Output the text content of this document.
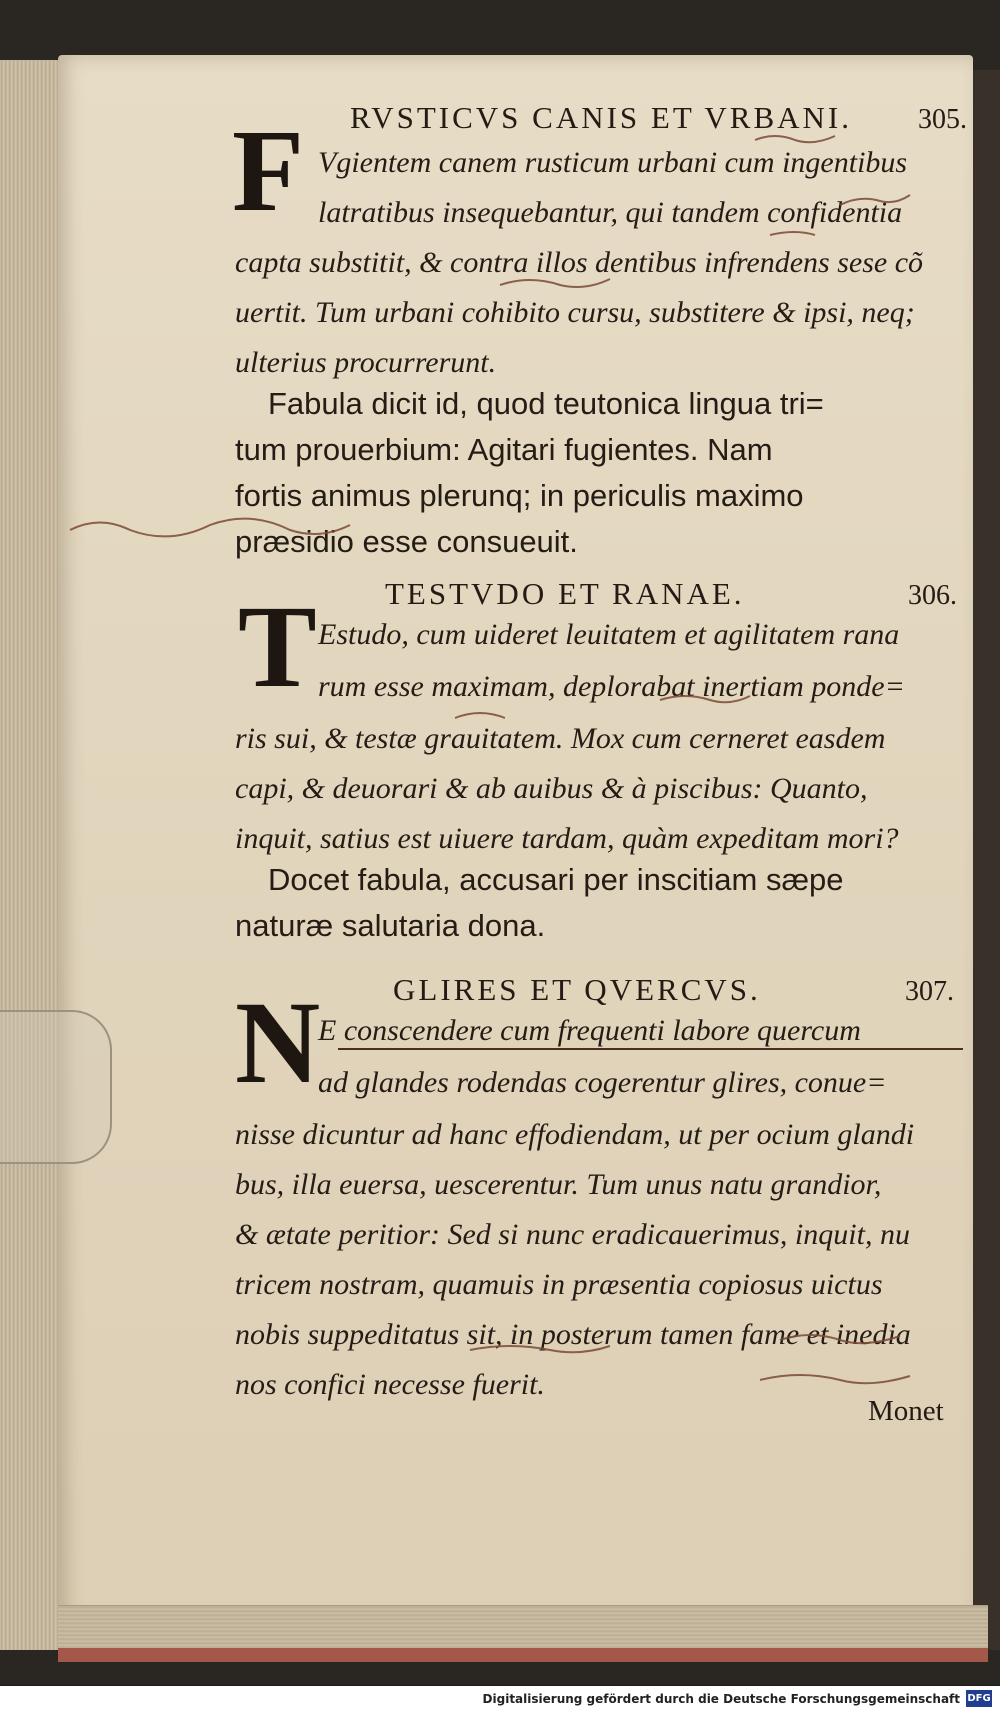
RVSTICVS CANIS ET VRBANI. 305.
F Vgientem canem rusticum urbani cum ingentibus
latratibus insequebantur, qui tandem confidentia
capta substitit, & contra illos dentibus infrendens sese cõ
uertit. Tum urbani cohibito cursu, substitere & ipsi, neq;
ulterius procurrerunt.
Fabula dicit id, quod teutonica lingua tri=
tum prouerbium: Agitari fugientes. Nam
fortis animus plerunq; in periculis maximo
præsidio esse consueuit.
TESTVDO ET RANAE.	306.
T Estudo, cum uideret leuitatem et agilitatem rana
rum esse maximam, deplorabat inertiam ponde=
ris sui, & testæ grauitatem. Mox cum cerneret easdem
capi, & deuorari & ab auibus & à piscibus: Quanto,
inquit, satius est uiuere tardam, quàm expeditam mori?
Docet fabula, accusari per inscitiam sæpe
naturæ salutaria dona.
GLIRES ET QVERCVS.	307.
N
E conscendere cum frequenti labore quercum
ad glandes rodendas cogerentur glires, conue=
nisse dicuntur ad hanc effodiendam, ut per ocium glandi
bus, illa euersa, uescerentur. Tum unus natu grandior,
& ætate peritior: Sed si nunc eradicauerimus, inquit, nu
tricem nostram, quamuis in præsentia copiosus uictus
nobis suppeditatus sit, in posterum tamen fame et inedia
nos confici necesse fuerit.
Monet
Digitalisierung gefördert durch die Deutsche Forschungsgemeinschaft DFG
